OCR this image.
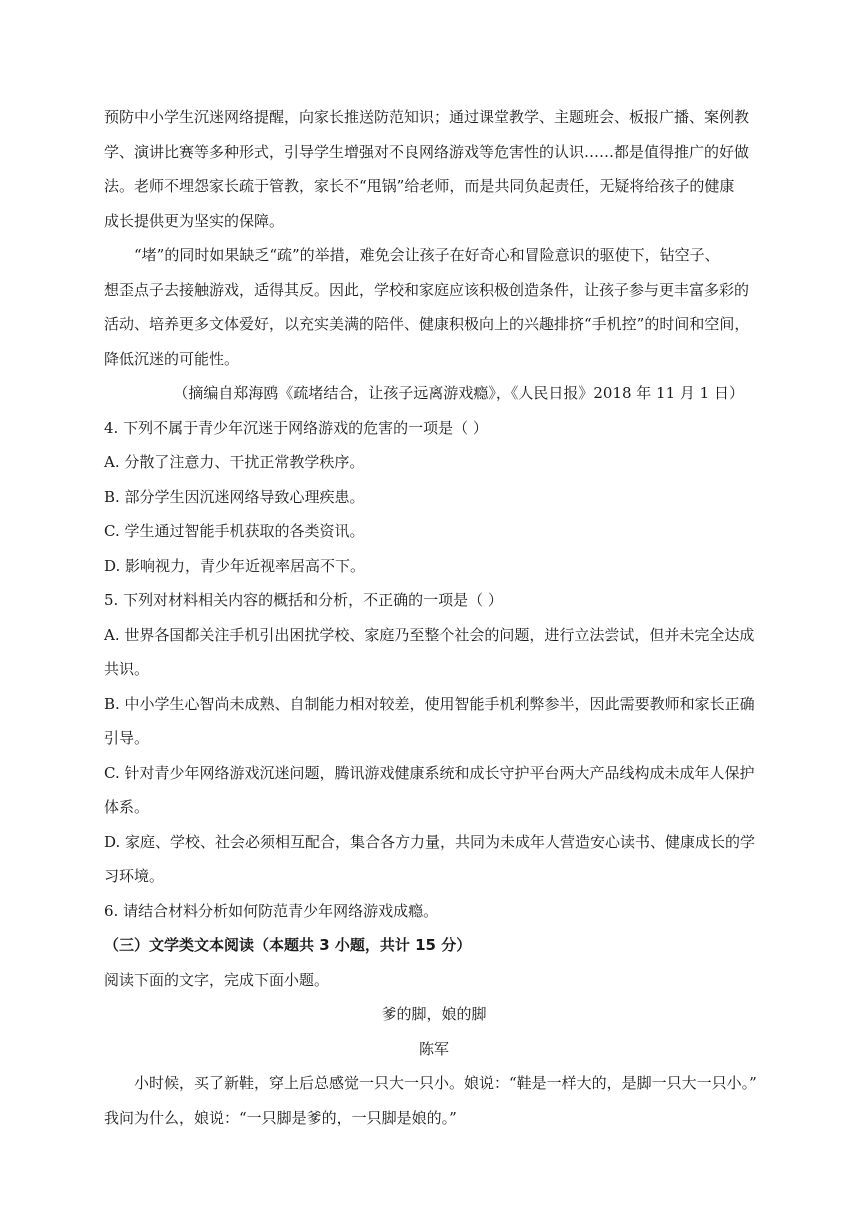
预防中小学生沉迷网络提醒，向家长推送防范知识；通过课堂教学、主题班会、板报广播、案例教
学、演讲比赛等多种形式，引导学生增强对不良网络游戏等危害性的认识……都是值得推广的好做
法。老师不埋怨家长疏于管教，家长不“甩锅”给老师，而是共同负起责任，无疑将给孩子的健康
成长提供更为坚实的保障。
“堵”的同时如果缺乏“疏”的举措，难免会让孩子在好奇心和冒险意识的驱使下，钻空子、
想歪点子去接触游戏，适得其反。因此，学校和家庭应该积极创造条件，让孩子参与更丰富多彩的
活动、培养更多文体爱好，以充实美满的陪伴、健康积极向上的兴趣排挤“手机控”的时间和空间，
降低沉迷的可能性。
（摘编自郑海鸥《疏堵结合，让孩子远离游戏瘾》，《人民日报》2018 年 11 月 1 日）
4. 下列不属于青少年沉迷于网络游戏的危害的一项是（ ）
A. 分散了注意力、干扰正常教学秩序。
B. 部分学生因沉迷网络导致心理疾患。
C. 学生通过智能手机获取的各类资讯。
D. 影响视力，青少年近视率居高不下。
5. 下列对材料相关内容的概括和分析，不正确的一项是（ ）
A. 世界各国都关注手机引出困扰学校、家庭乃至整个社会的问题，进行立法尝试，但并未完全达成
共识。
B. 中小学生心智尚未成熟、自制能力相对较差，使用智能手机利弊参半，因此需要教师和家长正确
引导。
C. 针对青少年网络游戏沉迷问题，腾讯游戏健康系统和成长守护平台两大产品线构成未成年人保护
体系。
D. 家庭、学校、社会必须相互配合，集合各方力量，共同为未成年人营造安心读书、健康成长的学
习环境。
6. 请结合材料分析如何防范青少年网络游戏成瘾。
（三）文学类文本阅读（本题共 3 小题，共计 15 分）
阅读下面的文字，完成下面小题。
爹的脚，娘的脚
陈军
小时候，买了新鞋，穿上后总感觉一只大一只小。娘说：“鞋是一样大的，是脚一只大一只小。”
我问为什么，娘说：“一只脚是爹的，一只脚是娘的。”
